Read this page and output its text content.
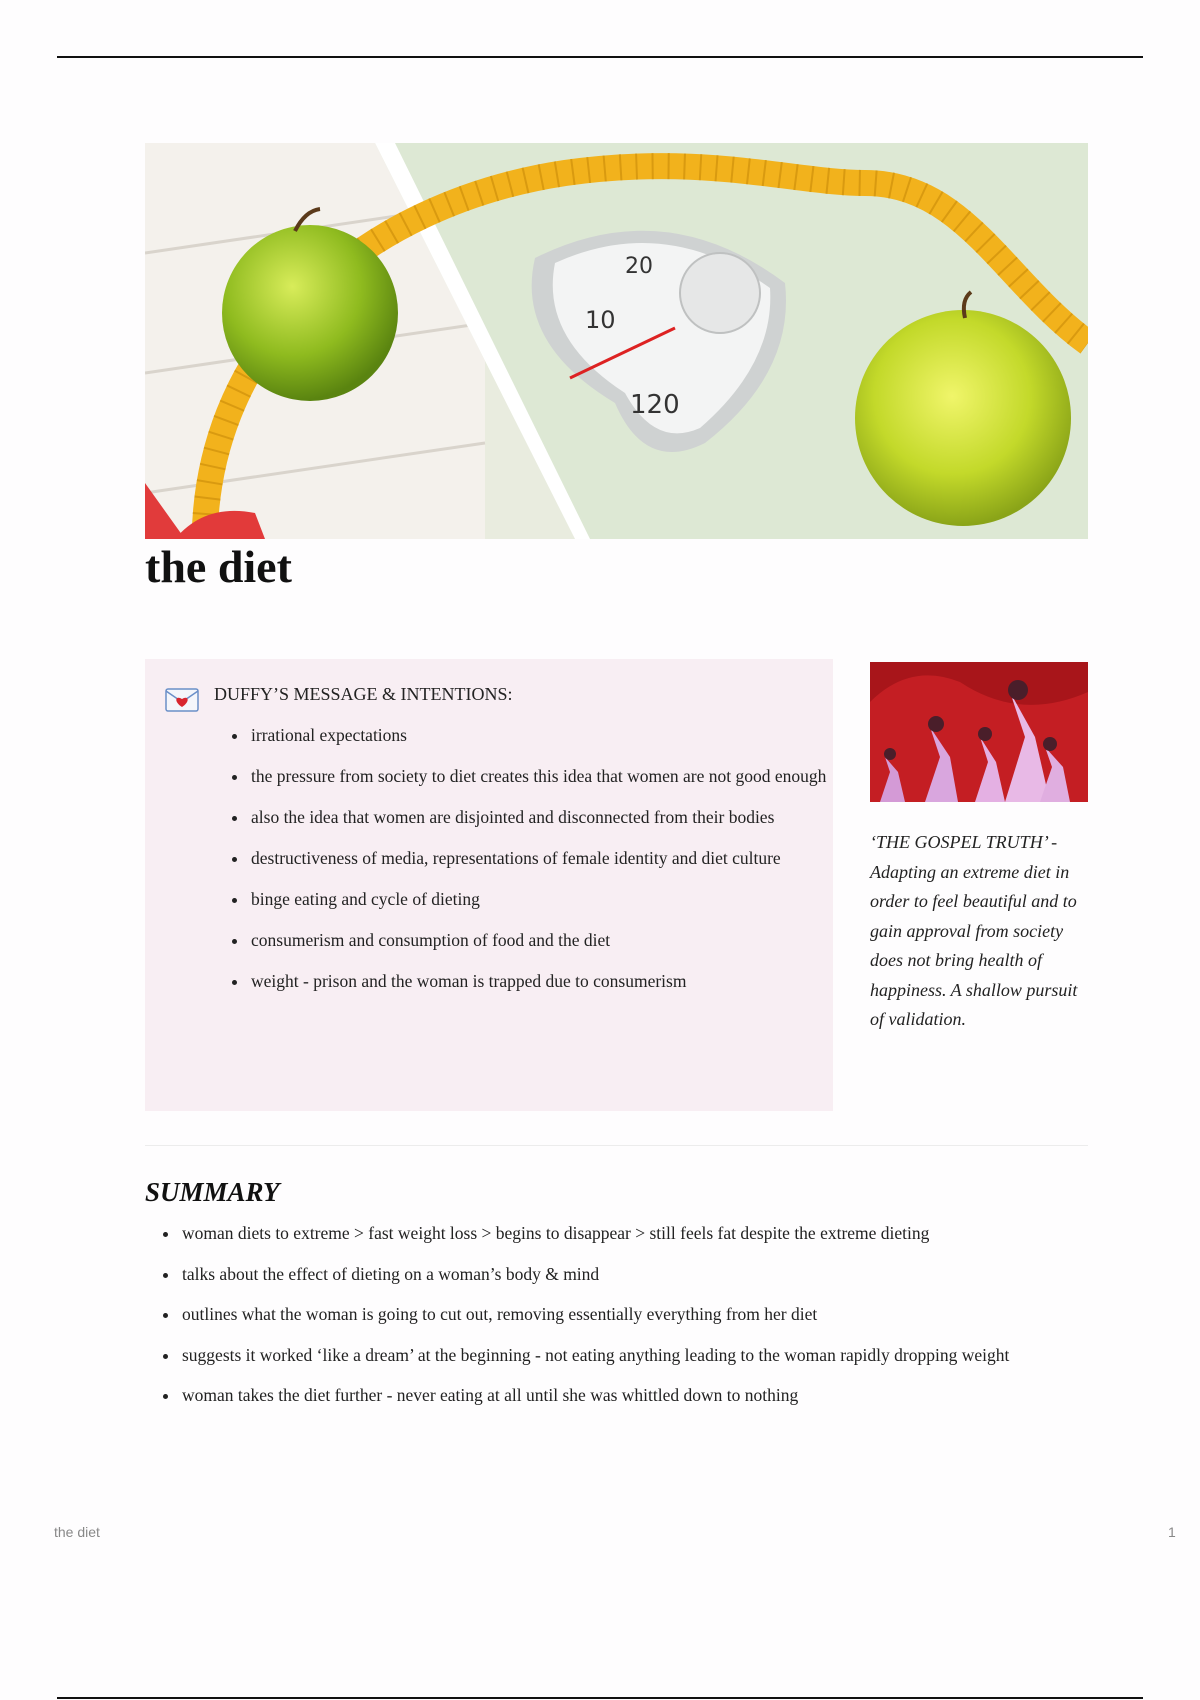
20
10
120
the diet
DUFFY’S MESSAGE & INTENTIONS:
• irrational expectations
• the pressure from society to diet creates this idea that women are not good enough
• also the idea that women are disjointed and disconnected from their bodies
• destructiveness of media, representations of female identity and diet culture
• binge eating and cycle of dieting
• consumerism and consumption of food and the diet
• weight - prison and the woman is trapped due to consumerism
‘THE GOSPEL TRUTH’ - Adapting an extreme diet in order to feel beautiful and to gain approval from society does not bring health of happiness. A shallow pursuit of validation.
SUMMARY
• woman diets to extreme > fast weight loss > begins to disappear > still feels fat despite the extreme dieting
• talks about the effect of dieting on a woman’s body & mind
• outlines what the woman is going to cut out, removing essentially everything from her diet
• suggests it worked ‘like a dream’ at the beginning - not eating anything leading to the woman rapidly dropping weight
• woman takes the diet further - never eating at all until she was whittled down to nothing
the diet	1
